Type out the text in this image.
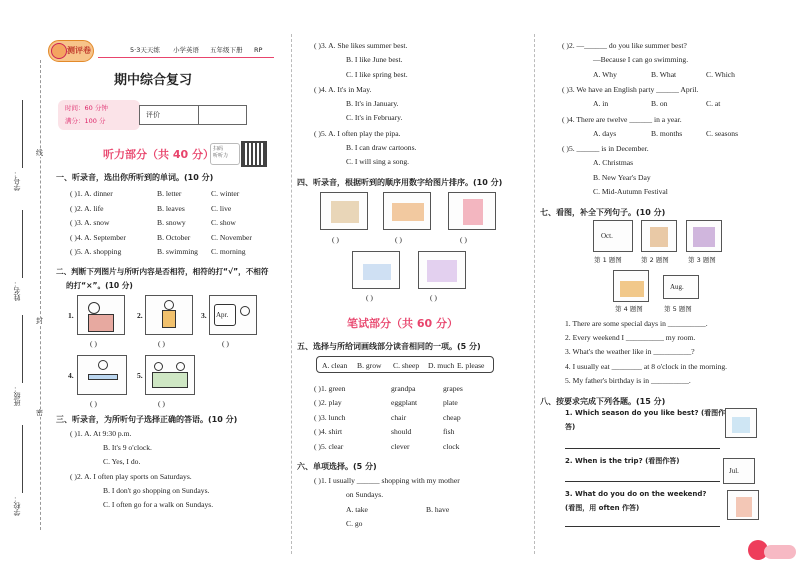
线
封
密
学号：
姓名：
班级：
学校：
测评卷	5·3天天练 小学英语 五年级下册 RP
期中综合复习
时间：60 分钟
满分：100 分
评价
听力部分（共 40 分） 扫码
听听力
一、听录音，选出你所听到的单词。(10 分)
( )1. A. dinner	B. letter	C. winter
( )2. A. life	B. leaves	C. live
( )3. A. snow	B. snowy	C. show
( )4. A. September	B. October	C. November
( )5. A. shopping	B. swimming C. morning
二、判断下列图片与所听内容是否相符，相符的打“√”，不相符
的打“×”。(10 分)
1.
( )
2.
( )
3. Apr.
( )
4.
( )
5.
( )
三、听录音，为所听句子选择正确的答语。(10 分)
( )1. A. At 9:30 p.m.
B. It's 9 o'clock.
C. Yes, I do.
( )2. A. I often play sports on Saturdays.
B. I don't go shopping on Sundays.
C. I often go for a walk on Sundays.
( )3. A. She likes summer best.
B. I like June best.
C. I like spring best.
( )4. A. It's in May.
B. It's in January.
C. It's in February.
( )5. A. I often play the pipa.
B. I can draw cartoons.
C. I will sing a song.
四、听录音，根据听到的顺序用数字给图片排序。(10 分)
( )	( )	( )
( )	( )
笔试部分（共 60 分）
五、选择与所给词画线部分读音相同的一项。(5 分)
A. clean B. grow C. sheep D. much E. please
( )1. green	grandpa	grapes
( )2. play	eggplant	plate
( )3. lunch	chair	cheap
( )4. shirt	should	fish
( )5. clear	clever	clock
六、单项选择。(5 分)
( )1. I usually ______ shopping with my mother
on Sundays.
A. take	B. have
C. go
( )2. —______ do you like summer best?
—Because I can go swimming.
A. Why	B. What	C. Which
( )3. We have an English party ______ April.
A. in	B. on	C. at
( )4. There are twelve ______ in a year.
A. days	B. months	C. seasons
( )5. ______ is in December.
A. Christmas
B. New Year's Day
C. Mid-Autumn Festival
七、看图，补全下列句子。(10 分)
Oct.
第 1 题图	第 2 题图	第 3 题图
Aug.
第 4 题图	第 5 题图
1. There are some special days in __________.
2. Every weekend I __________ my room.
3. What's the weather like in __________?
4. I usually eat ________ at 8 o'clock in the morning.
5. My father's birthday is in __________.
八、按要求完成下列各题。(15 分)
1. Which season do you like best? (看图作
答)
2. When is the trip? (看图作答)
Jul.
3. What do you do on the weekend?
(看图，用 often 作答)
